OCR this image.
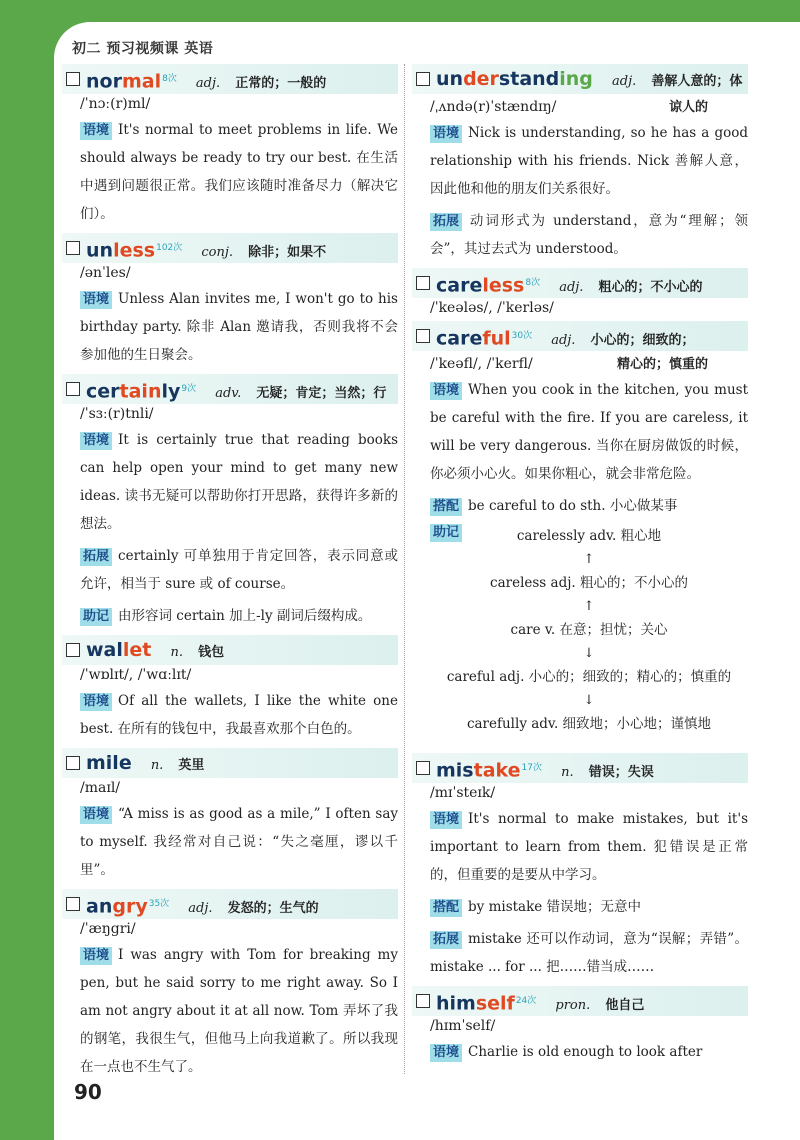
初二 预习视频课 英语
normal$^{8次}$ adj. 正常的；一般的
/ˈnɔː(r)ml/
语境 It's normal to meet problems in life. We should always be ready to try our best. 在生活中遇到问题很正常。我们应该随时准备尽力（解决它们）。
unless$^{102次}$ conj. 除非；如果不
/ənˈles/
语境 Unless Alan invites me, I won't go to his birthday party. 除非 Alan 邀请我，否则我将不会参加他的生日聚会。
certainly$^{9次}$ adv. 无疑；肯定；当然；行
/ˈsɜː(r)tnli/
语境 It is certainly true that reading books can help open your mind to get many new ideas. 读书无疑可以帮助你打开思路，获得许多新的想法。
拓展 certainly 可单独用于肯定回答，表示同意或允许，相当于 sure 或 of course。
助记 由形容词 certain 加上-ly 副词后缀构成。
wallet n. 钱包
/ˈwɒlɪt/, /ˈwɑːlɪt/
语境 Of all the wallets, I like the white one best. 在所有的钱包中，我最喜欢那个白色的。
mile n. 英里
/maɪl/
语境 “A miss is as good as a mile,” I often say to myself. 我经常对自己说：“失之毫厘，谬以千里”。
angry$^{35次}$ adj. 发怒的；生气的
/ˈæŋgri/
语境 I was angry with Tom for breaking my pen, but he said sorry to me right away. So I am not angry about it at all now. Tom 弄坏了我的钢笔，我很生气，但他马上向我道歉了。所以我现在一点也不生气了。
understanding adj. 善解人意的；体
/ˌʌndə(r)ˈstændɪŋ/	谅人的
语境 Nick is understanding, so he has a good relationship with his friends. Nick 善解人意，因此他和他的朋友们关系很好。
拓展 动词形式为 understand，意为“理解；领会”，其过去式为 understood。
careless$^{8次}$ adj. 粗心的；不小心的
/ˈkeələs/, /ˈkerləs/
careful$^{30次}$ adj. 小心的；细致的；
/ˈkeəfl/, /ˈkerfl/	精心的；慎重的
语境 When you cook in the kitchen, you must be careful with the fire. If you are careless, it will be very dangerous. 当你在厨房做饭的时候，你必须小心火。如果你粗心，就会非常危险。
搭配 be careful to do sth. 小心做某事
carelessly adv. 粗心地
↑
careless adj. 粗心的；不小心的
↑
care v. 在意；担忧；关心
↓
careful adj. 小心的；细致的；精心的；慎重的
↓
carefully adv. 细致地；小心地；谨慎地
助记
mistake$^{17次}$ n. 错误；失误
/mɪˈsteɪk/
语境 It's normal to make mistakes, but it's important to learn from them. 犯错误是正常的，但重要的是要从中学习。
搭配 by mistake 错误地；无意中
拓展 mistake 还可以作动词，意为“误解；弄错”。mistake ... for ... 把……错当成……
himself$^{24次}$ pron. 他自己
/hɪmˈself/
语境 Charlie is old enough to look after
90
